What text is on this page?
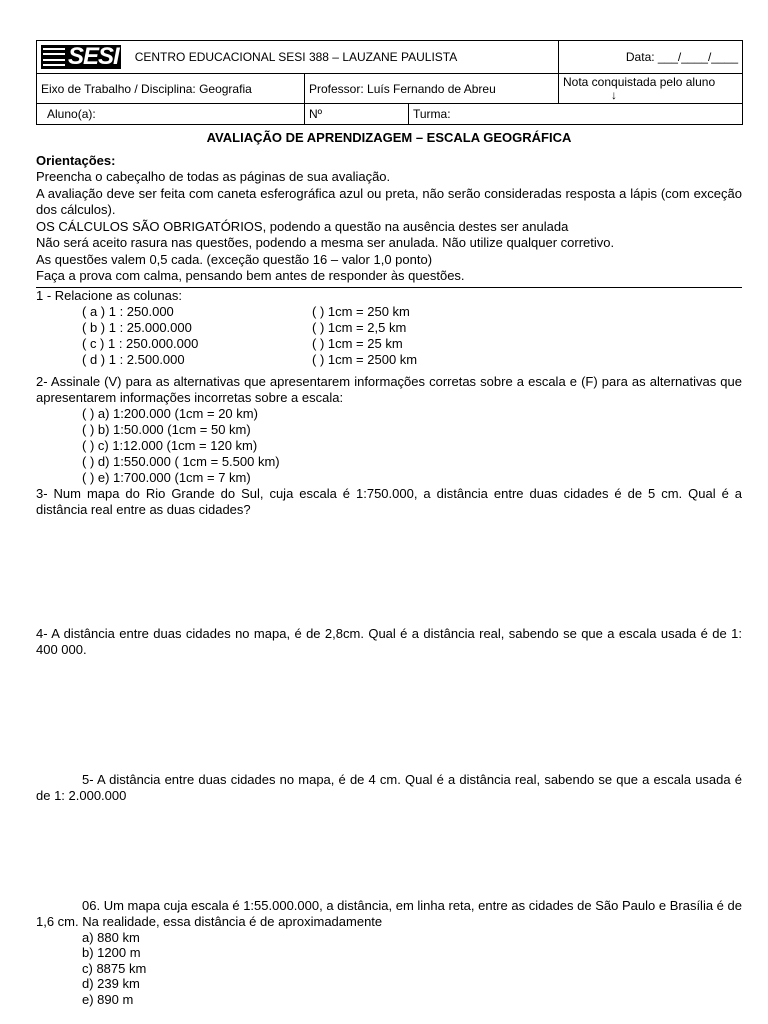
SESI CENTRO EDUCACIONAL SESI 388 – LAUZANE PAULISTA			Data: ___/____/____
Eixo de Trabalho / Disciplina: Geografia	Professor: Luís Fernando de Abreu		Nota conquistada pelo aluno
↓

Aluno(a):	Nº	Turma:	
AVALIAÇÃO DE APRENDIZAGEM – ESCALA GEOGRÁFICA
Orientações:
Preencha o cabeçalho de todas as páginas de sua avaliação.
A avaliação deve ser feita com caneta esferográfica azul ou preta, não serão consideradas resposta a lápis (com exceção dos cálculos).
OS CÁLCULOS SÃO OBRIGATÓRIOS, podendo a questão na ausência destes ser anulada
Não será aceito rasura nas questões, podendo a mesma ser anulada. Não utilize qualquer corretivo.
As questões valem 0,5 cada. (exceção questão 16 – valor 1,0 ponto)
Faça a prova com calma, pensando bem antes de responder às questões.
1 - Relacione as colunas:
( a ) 1 : 250.000	( ) 1cm = 250 km
( b ) 1 : 25.000.000	( ) 1cm = 2,5 km
( c ) 1 : 250.000.000	( ) 1cm = 25 km
( d ) 1 : 2.500.000	( ) 1cm = 2500 km
2- Assinale (V) para as alternativas que apresentarem informações corretas sobre a escala e (F) para as alternativas que apresentarem informações incorretas sobre a escala:
( ) a) 1:200.000 (1cm = 20 km)
( ) b) 1:50.000 (1cm = 50 km)
( ) c) 1:12.000 (1cm = 120 km)
( ) d) 1:550.000 ( 1cm = 5.500 km)
( ) e) 1:700.000 (1cm = 7 km)
3- Num mapa do Rio Grande do Sul, cuja escala é 1:750.000, a distância entre duas cidades é de 5 cm. Qual é a distância real entre as duas cidades?
4- A distância entre duas cidades no mapa, é de 2,8cm. Qual é a distância real, sabendo se que a escala usada é de 1: 400 000.
5- A distância entre duas cidades no mapa, é de 4 cm. Qual é a distância real, sabendo se que a escala usada é de 1: 2.000.000
06. Um mapa cuja escala é 1:55.000.000, a distância, em linha reta, entre as cidades de São Paulo e Brasília é de 1,6 cm. Na realidade, essa distância é de aproximadamente
a) 880 km
b) 1200 m
c) 8875 km
d) 239 km
e) 890 m
